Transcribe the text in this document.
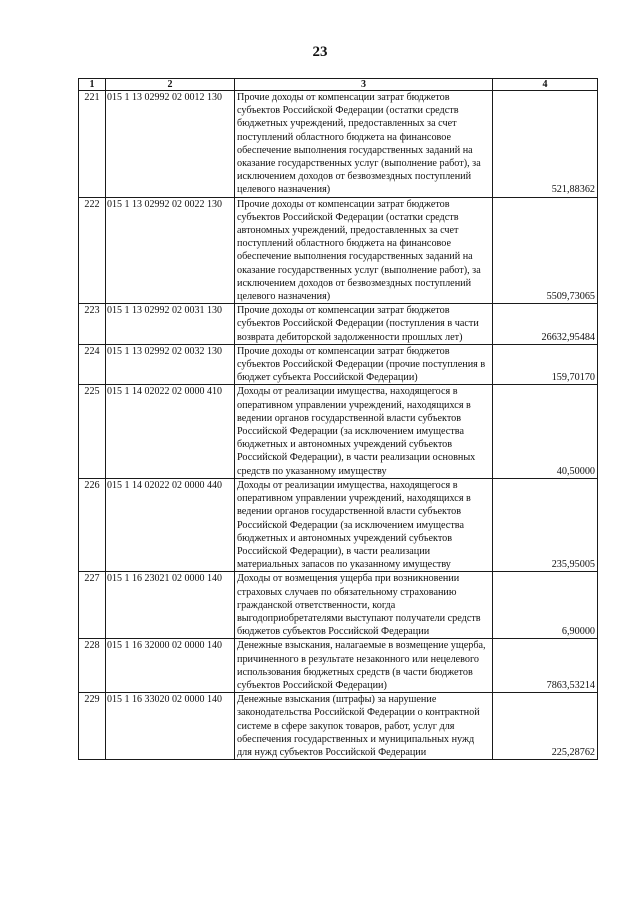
23
1	2	3	4
221	015 1 13 02992 02 0012 130	Прочие доходы от компенсации затрат бюджетов субъектов Российской Федерации (остатки средств бюджетных учреждений, предоставленных за счет поступлений областного бюджета на финансовое обеспечение выполнения государственных заданий на оказание государственных услуг (выполнение работ), за исключением доходов от безвозмездных поступлений целевого назначения)	521,88362
222	015 1 13 02992 02 0022 130	Прочие доходы от компенсации затрат бюджетов субъектов Российской Федерации (остатки средств автономных учреждений, предоставленных за счет поступлений областного бюджета на финансовое обеспечение выполнения государственных заданий на оказание государственных услуг (выполнение работ), за исключением доходов от безвозмездных поступлений целевого назначения)	5509,73065
223	015 1 13 02992 02 0031 130	Прочие доходы от компенсации затрат бюджетов субъектов Российской Федерации (поступления в части возврата дебиторской задолженности прошлых лет)	26632,95484
224	015 1 13 02992 02 0032 130	Прочие доходы от компенсации затрат бюджетов субъектов Российской Федерации (прочие поступления в бюджет субъекта Российской Федерации)	159,70170
225	015 1 14 02022 02 0000 410	Доходы от реализации имущества, находящегося в оперативном управлении учреждений, находящихся в ведении органов государственной власти субъектов Российской Федерации (за исключением имущества бюджетных и автономных учреждений субъектов Российской Федерации), в части реализации основных средств по указанному имуществу	40,50000
226	015 1 14 02022 02 0000 440	Доходы от реализации имущества, находящегося в оперативном управлении учреждений, находящихся в ведении органов государственной власти субъектов Российской Федерации (за исключением имущества бюджетных и автономных учреждений субъектов Российской Федерации), в части реализации материальных запасов по указанному имуществу	235,95005
227	015 1 16 23021 02 0000 140	Доходы от возмещения ущерба при возникновении страховых случаев по обязательному страхованию гражданской ответственности, когда выгодоприобретателями выступают получатели средств бюджетов субъектов Российской Федерации	6,90000
228	015 1 16 32000 02 0000 140	Денежные взыскания, налагаемые в возмещение ущерба, причиненного в результате незаконного или нецелевого использования бюджетных средств (в части бюджетов субъектов Российской Федерации)	7863,53214
229	015 1 16 33020 02 0000 140	Денежные взыскания (штрафы) за нарушение законодательства Российской Федерации о контрактной системе в сфере закупок товаров, работ, услуг для обеспечения государственных и муниципальных нужд для нужд субъектов Российской Федерации	225,28762
